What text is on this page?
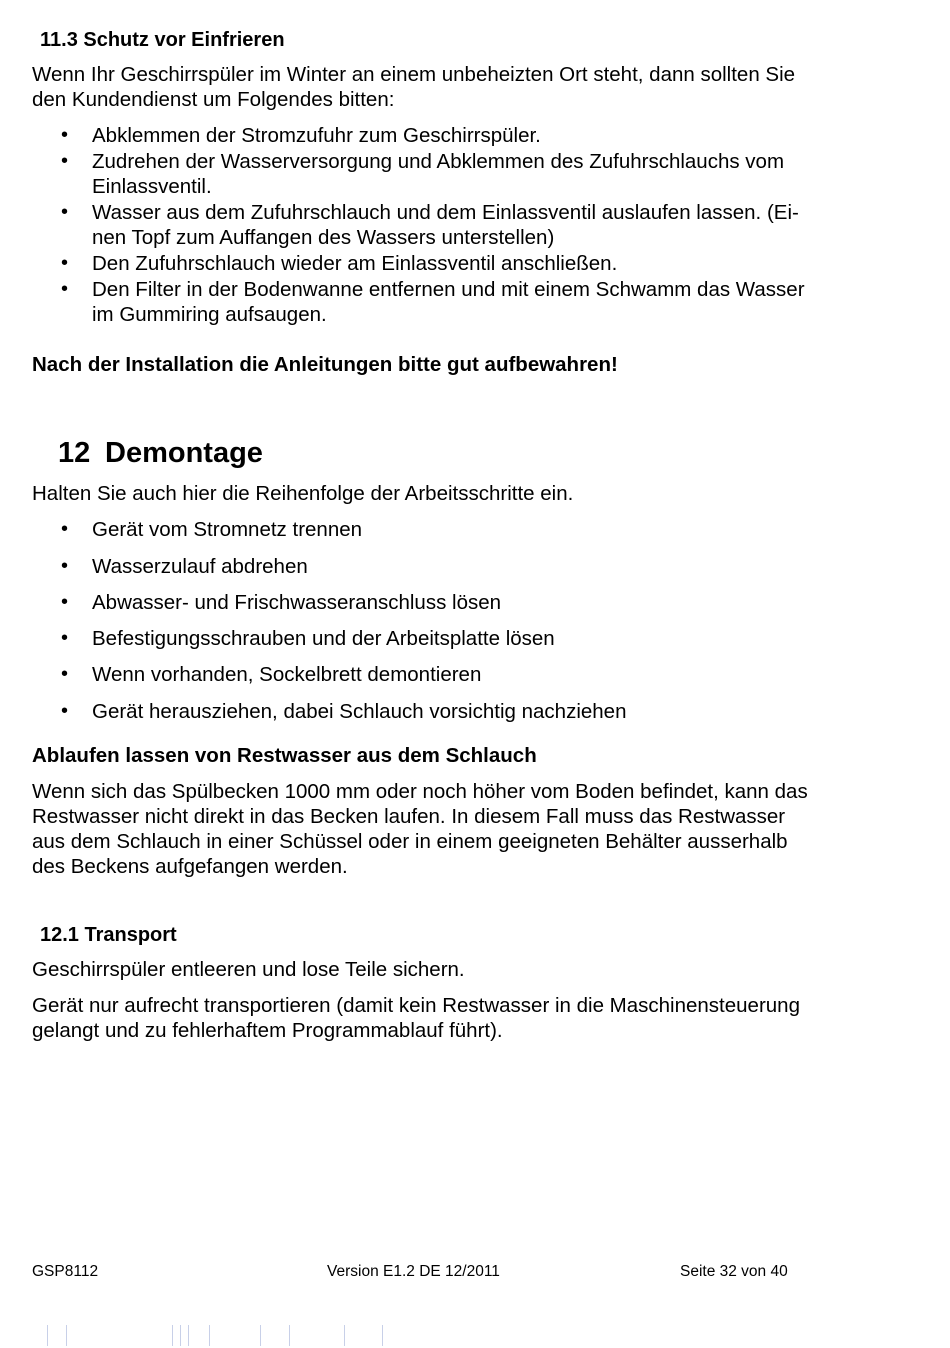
11.3 Schutz vor Einfrieren
Wenn Ihr Geschirrspüler im Winter an einem unbeheizten Ort steht, dann sollten Sie
den Kundendienst um Folgendes bitten:
• Abklemmen der Stromzufuhr zum Geschirrspüler.
• Zudrehen der Wasserversorgung und Abklemmen des Zufuhrschlauchs vom
Einlassventil.
• Wasser aus dem Zufuhrschlauch und dem Einlassventil auslaufen lassen. (Ei-
nen Topf zum Auffangen des Wassers unterstellen)
• Den Zufuhrschlauch wieder am Einlassventil anschließen.
• Den Filter in der Bodenwanne entfernen und mit einem Schwamm das Wasser
im Gummiring aufsaugen.
Nach der Installation die Anleitungen bitte gut aufbewahren!
12 Demontage
Halten Sie auch hier die Reihenfolge der Arbeitsschritte ein.
• Gerät vom Stromnetz trennen
• Wasserzulauf abdrehen
• Abwasser- und Frischwasseranschluss lösen
• Befestigungsschrauben und der Arbeitsplatte lösen
• Wenn vorhanden, Sockelbrett demontieren
• Gerät herausziehen, dabei Schlauch vorsichtig nachziehen
Ablaufen lassen von Restwasser aus dem Schlauch
Wenn sich das Spülbecken 1000 mm oder noch höher vom Boden befindet, kann das
Restwasser nicht direkt in das Becken laufen. In diesem Fall muss das Restwasser
aus dem Schlauch in einer Schüssel oder in einem geeigneten Behälter ausserhalb
des Beckens aufgefangen werden.
12.1 Transport
Geschirrspüler entleeren und lose Teile sichern.
Gerät nur aufrecht transportieren (damit kein Restwasser in die Maschinensteuerung
gelangt und zu fehlerhaftem Programmablauf führt).
GSP8112	Version E1.2 DE 12/2011	Seite 32 von 40
